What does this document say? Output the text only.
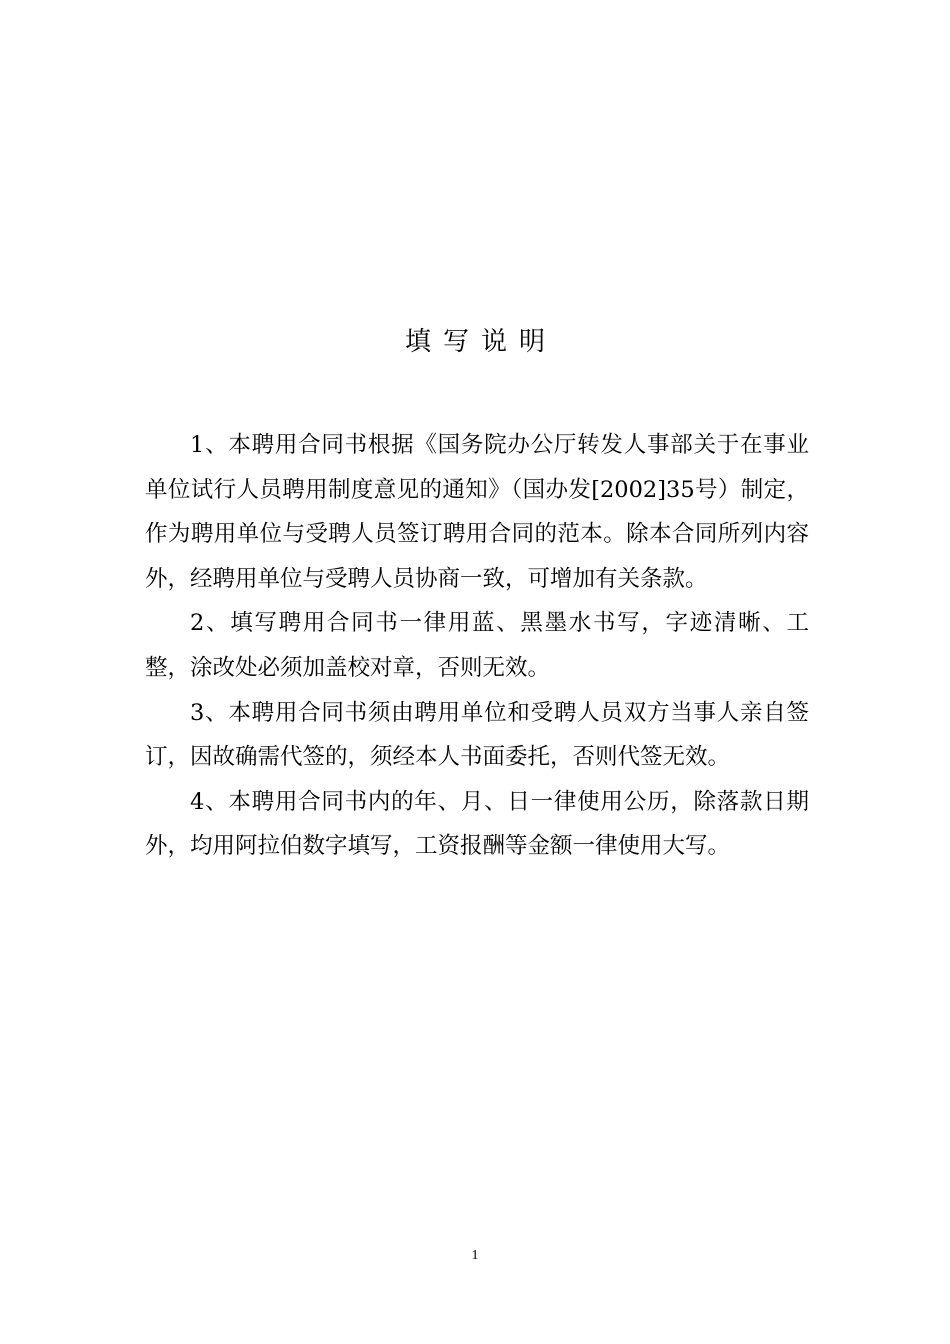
填写说明

1、本聘用合同书根据《国务院办公厅转发人事部关于在事业单位试行人员聘用制度意见的通知》（国办发[2002]35号）制定，作为聘用单位与受聘人员签订聘用合同的范本。除本合同所列内容外，经聘用单位与受聘人员协商一致，可增加有关条款。

2、填写聘用合同书一律用蓝、黑墨水书写，字迹清晰、工整，涂改处必须加盖校对章，否则无效。

3、本聘用合同书须由聘用单位和受聘人员双方当事人亲自签订，因故确需代签的，须经本人书面委托，否则代签无效。

4、本聘用合同书内的年、月、日一律使用公历，除落款日期外，均用阿拉伯数字填写，工资报酬等金额一律使用大写。

1
